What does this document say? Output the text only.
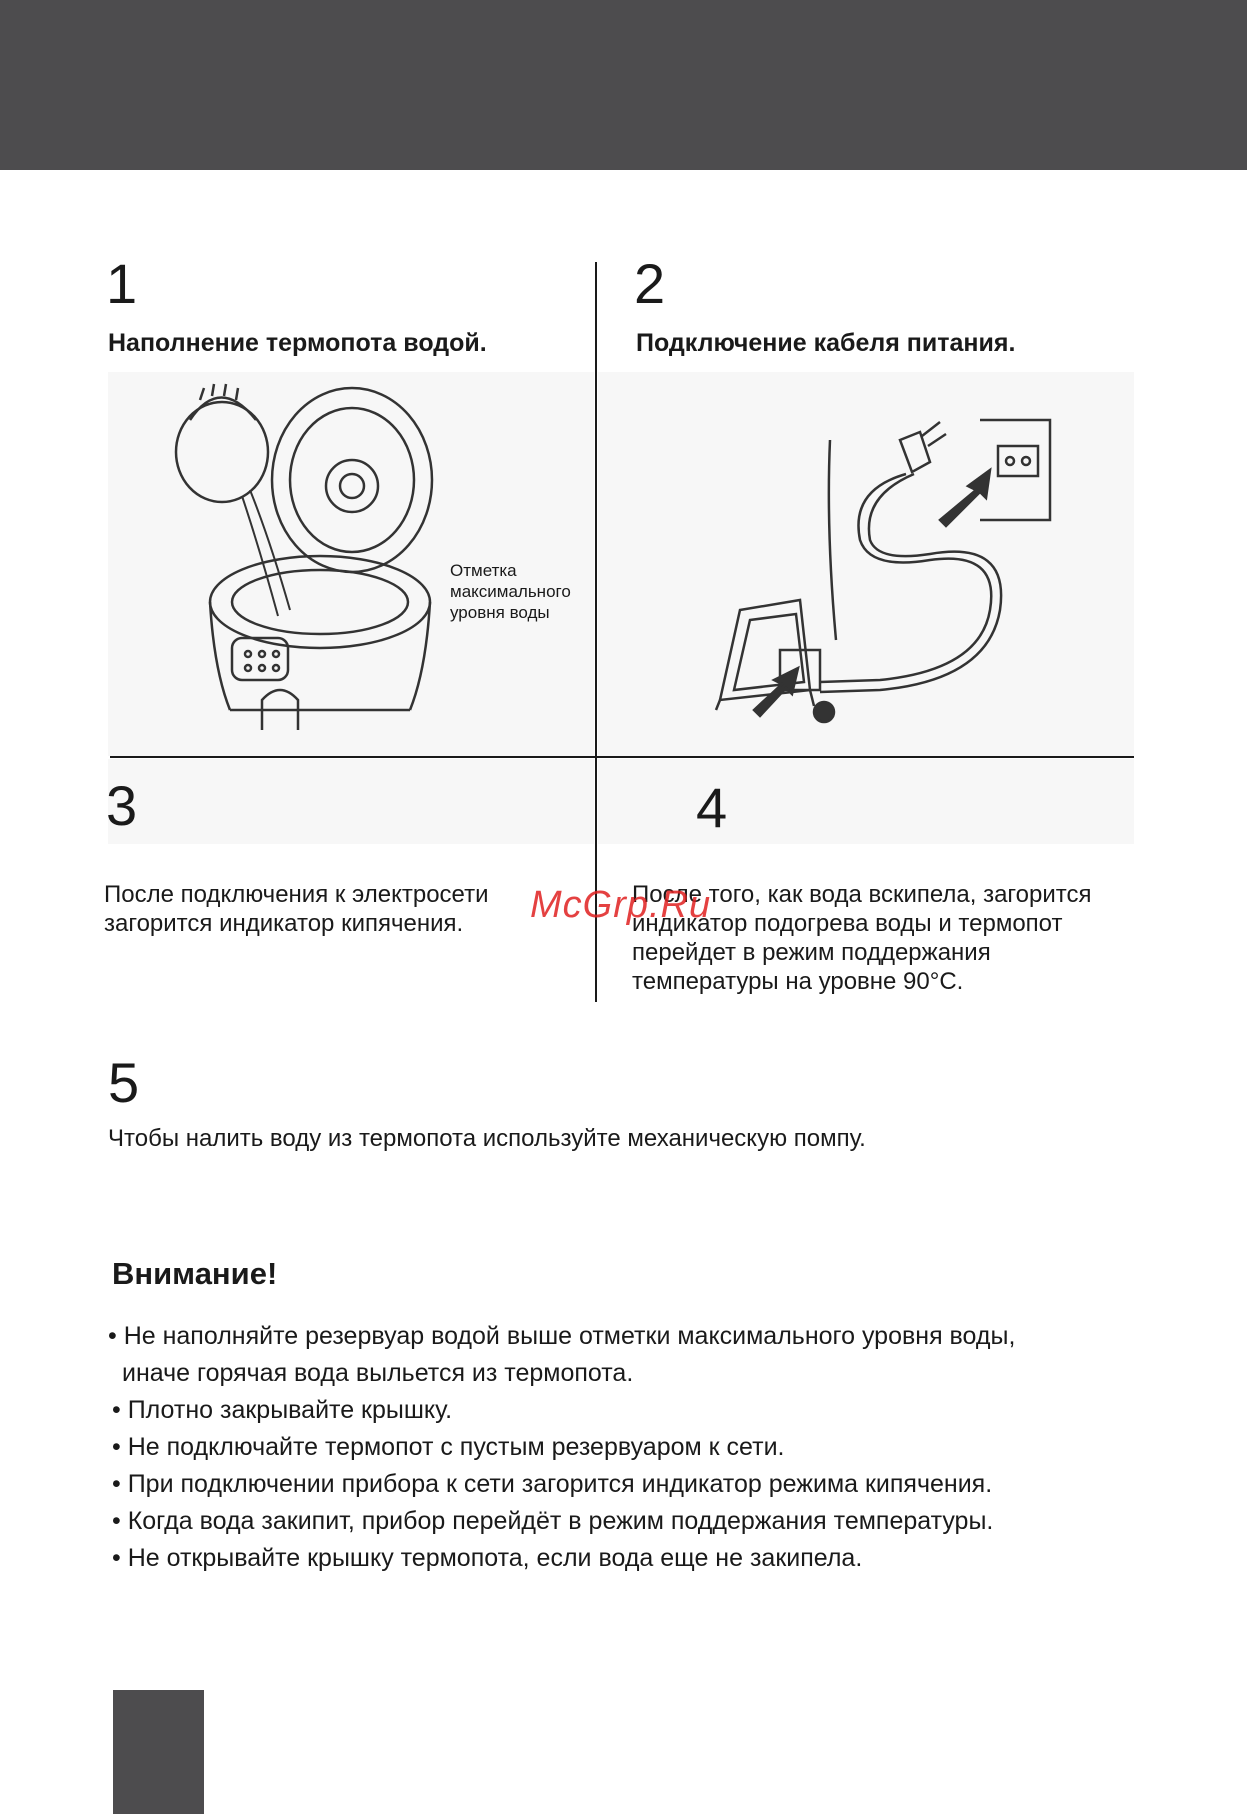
1
Наполнение термопота водой.
Отметка
максимального
уровня воды
2
Подключение кабеля питания.
3
После подключения к электросети
загорится индикатор кипячения.
4
После того, как вода вскипела, загорится
индикатор подогрева воды и термопот
перейдет в режим поддержания
температуры на уровне 90°С.
McGrp.Ru
5
Чтобы налить воду из термопота используйте механическую помпу.
Внимание!
• Не наполняйте резервуар водой выше отметки максимального уровня воды,
иначе горячая вода выльется из термопота.
• Плотно закрывайте крышку.
• Не подключайте термопот с пустым резервуаром к сети.
• При подключении прибора к сети загорится индикатор режима кипячения.
• Когда вода закипит, прибор перейдёт в режим поддержания температуры.
• Не открывайте крышку термопота, если вода еще не закипела.
